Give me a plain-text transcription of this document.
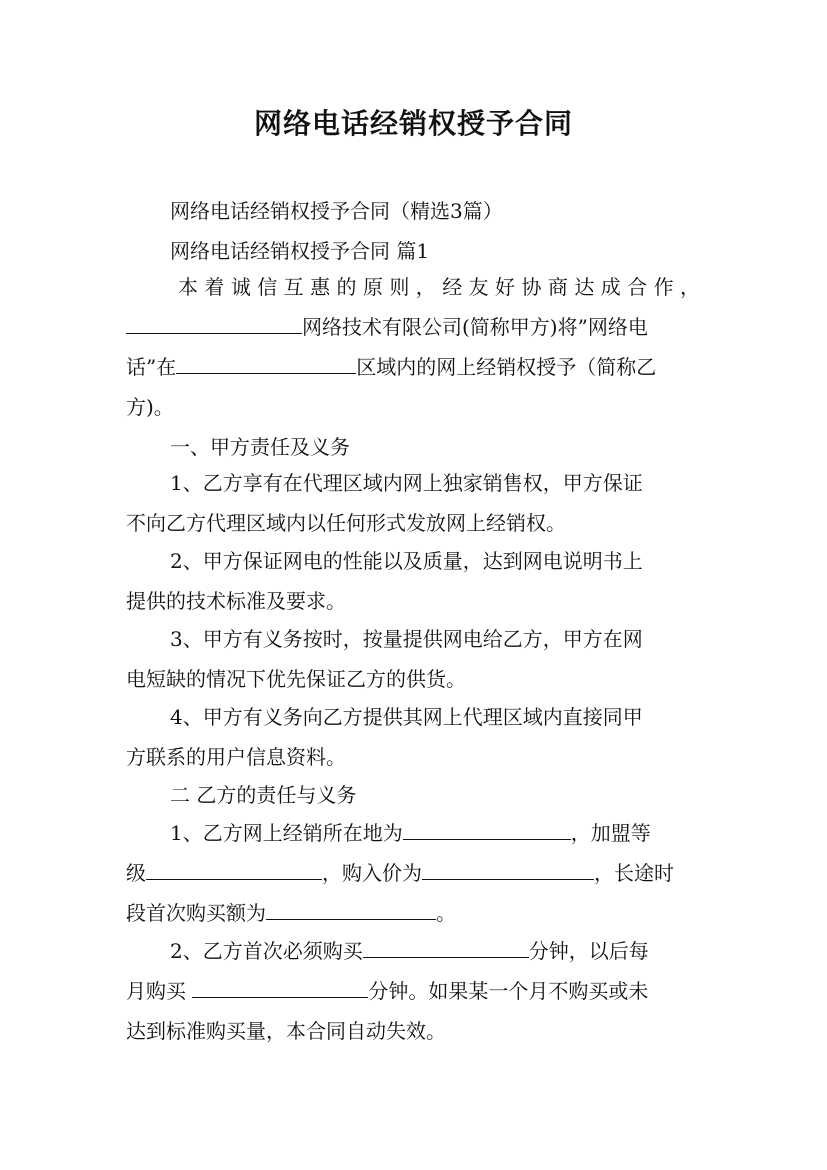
网络电话经销权授予合同
网络电话经销权授予合同（精选3篇）
网络电话经销权授予合同 篇1
本着诚信互惠的原则，经友好协商达成合作，
网络技术有限公司(简称甲方)将”网络电
话”在	区域内的网上经销权授予（简称乙
方)。
一、甲方责任及义务
1、乙方享有在代理区域内网上独家销售权，甲方保证
不向乙方代理区域内以任何形式发放网上经销权。
2、甲方保证网电的性能以及质量，达到网电说明书上
提供的技术标准及要求。
3、甲方有义务按时，按量提供网电给乙方，甲方在网
电短缺的情况下优先保证乙方的供货。
4、甲方有义务向乙方提供其网上代理区域内直接同甲
方联系的用户信息资料。
二 乙方的责任与义务
1、乙方网上经销所在地为	，加盟等
级	，购入价为	，长途时
段首次购买额为	。
2、乙方首次必须购买	分钟，以后每
月购买	分钟。如果某一个月不购买或未
达到标准购买量，本合同自动失效。
